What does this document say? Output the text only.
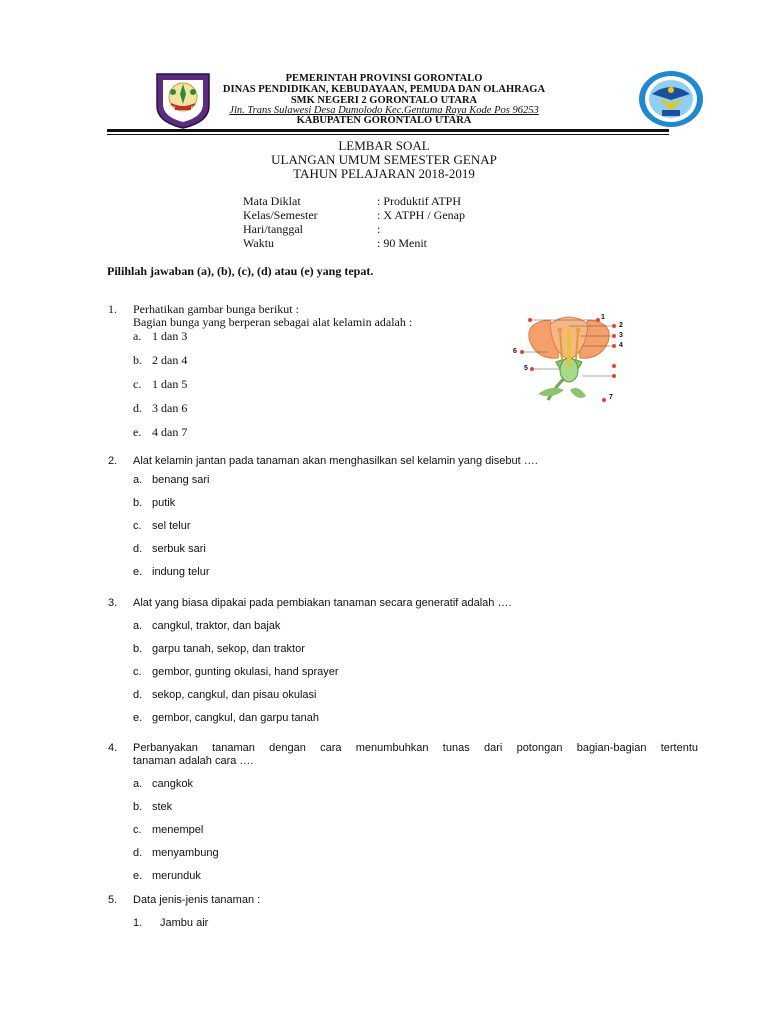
PEMERINTAH PROVINSI GORONTALO
DINAS PENDIDIKAN, KEBUDAYAAN, PEMUDA DAN OLAHRAGA
SMK NEGERI 2 GORONTALO UTARA
Jln. Trans Sulawesi Desa Dumolodo Kec.Gentuma Raya Kode Pos 96253
KABUPATEN GORONTALO UTARA
LEMBAR SOAL
ULANGAN UMUM SEMESTER GENAP
TAHUN PELAJARAN 2018-2019
Mata Diklat	: Produktif ATPH
Kelas/Semester	: X ATPH / Genap
Hari/tanggal	:
Waktu	: 90 Menit
Pilihlah jawaban (a), (b), (c), (d) atau (e) yang tepat.
1. Perhatikan gambar bunga berikut :
Bagian bunga yang berperan sebagai alat kelamin adalah :
a. 1 dan 3
b. 2 dan 4
c. 1 dan 5
d. 3 dan 6
e. 4 dan 7
1
2
3
4
5
6
7
2. Alat kelamin jantan pada tanaman akan menghasilkan sel kelamin yang disebut ….
a. benang sari
b. putik
c. sel telur
d. serbuk sari
e. indung telur
3. Alat yang biasa dipakai pada pembiakan tanaman secara generatif adalah ….
a. cangkul, traktor, dan bajak
b. garpu tanah, sekop, dan traktor
c. gembor, gunting okulasi, hand sprayer
d. sekop, cangkul, dan pisau okulasi
e. gembor, cangkul, dan garpu tanah
4. Perbanyakan tanaman dengan cara menumbuhkan tunas dari potongan bagian-bagian tertentu
tanaman adalah cara ….
a. cangkok
b. stek
c. menempel
d. menyambung
e. merunduk
5. Data jenis-jenis tanaman :
1. Jambu air
